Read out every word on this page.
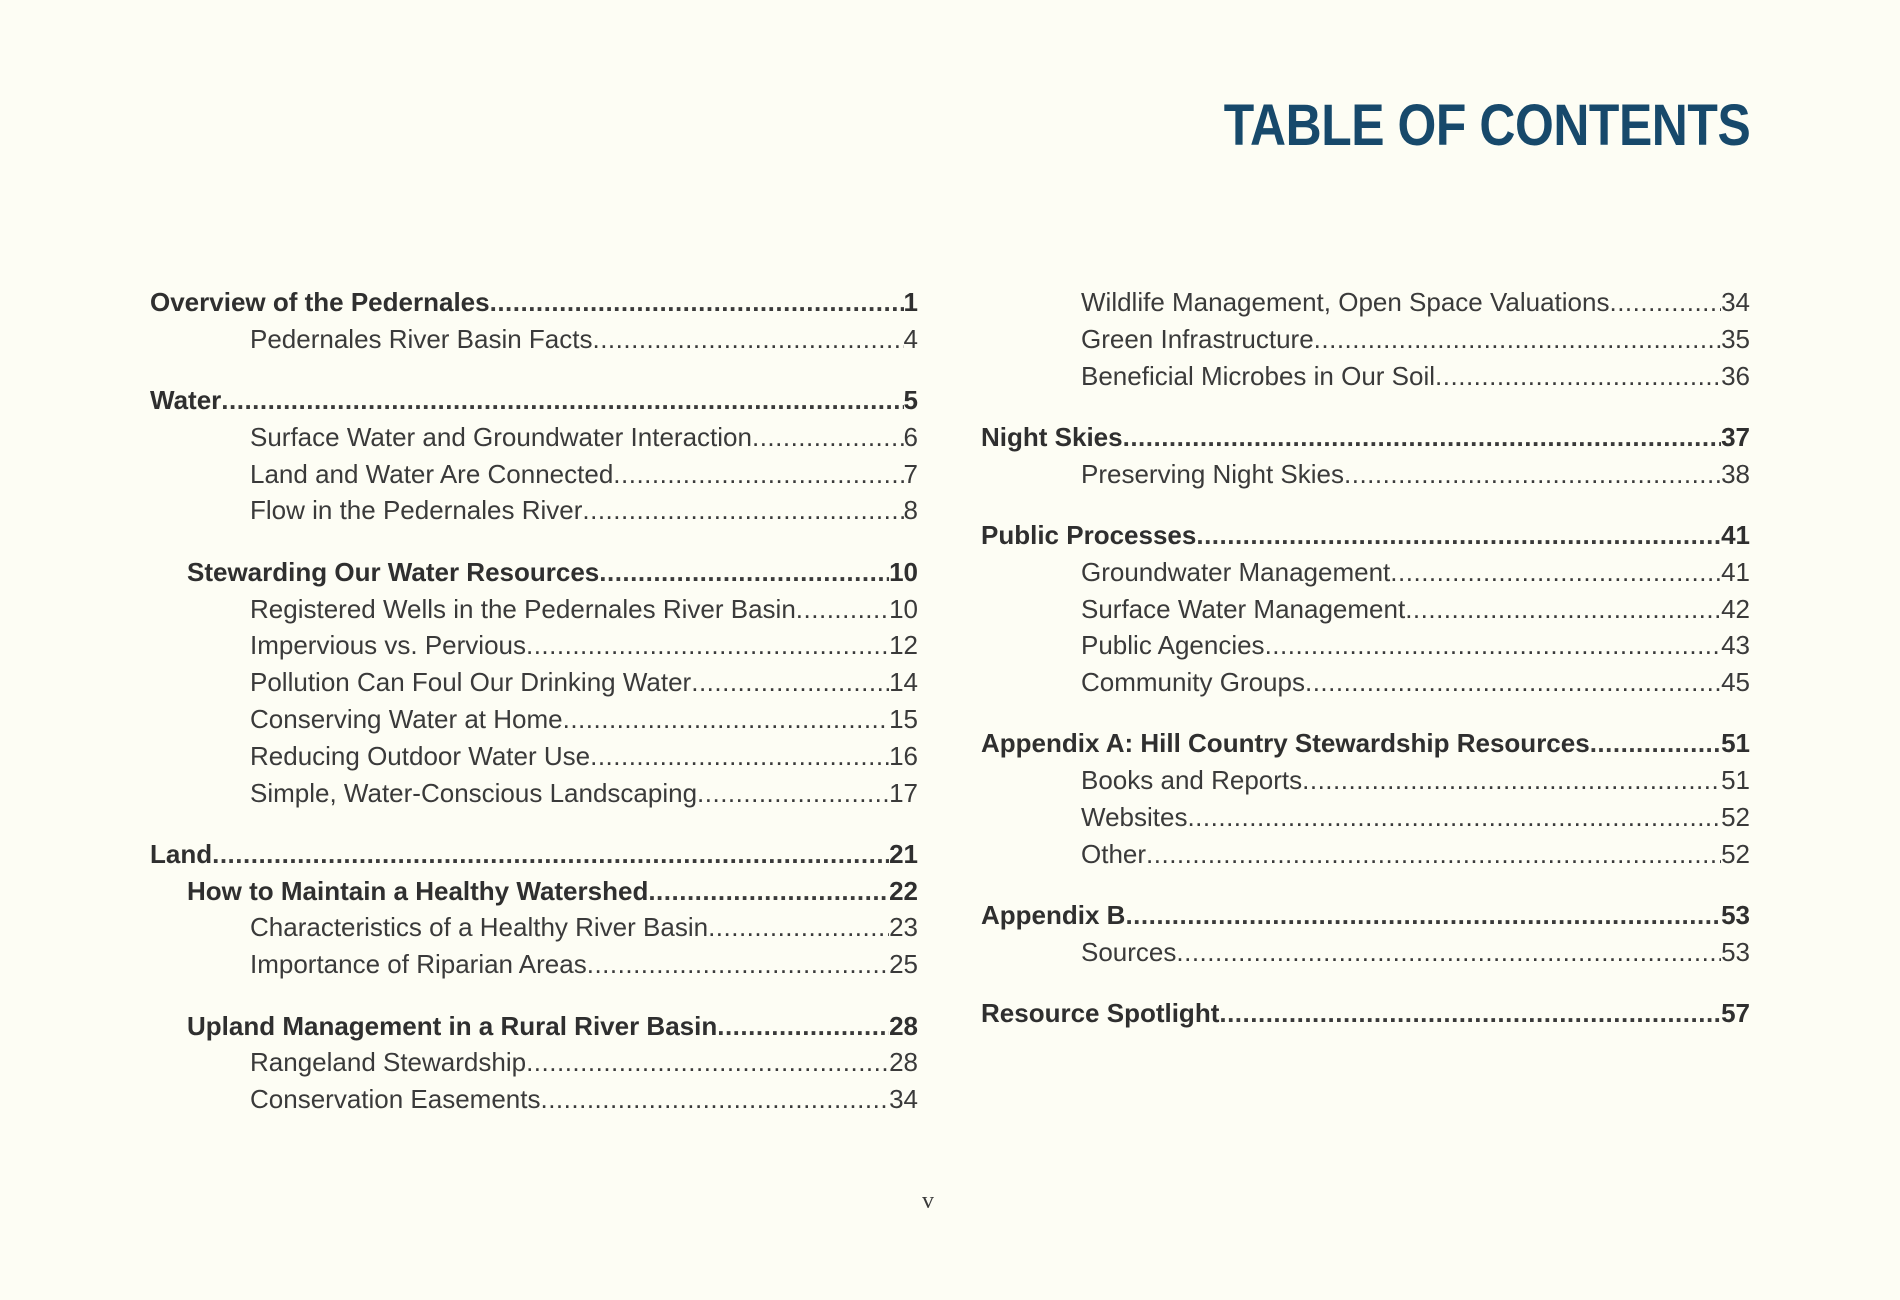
TABLE OF CONTENTS
Overview of the Pedernales .....	1
Pedernales River Basin Facts .....	4
Water .....	5
Surface Water and Groundwater Interaction .....	6
Land and Water Are Connected .....	7
Flow in the Pedernales River .....	8
Stewarding Our Water Resources .....	10
Registered Wells in the Pedernales River Basin .....	10
Impervious vs. Pervious .....	12
Pollution Can Foul Our Drinking Water .....	14
Conserving Water at Home .....	15
Reducing Outdoor Water Use .....	16
Simple, Water-Conscious Landscaping .....	17
Land .....	21
How to Maintain a Healthy Watershed .....	22
Characteristics of a Healthy River Basin .....	23
Importance of Riparian Areas .....	25
Upland Management in a Rural River Basin .....	28
Rangeland Stewardship .....	28
Conservation Easements .....	34
Wildlife Management, Open Space Valuations .....	34
Green Infrastructure .....	35
Beneficial Microbes in Our Soil .....	36
Night Skies .....	37
Preserving Night Skies .....	38
Public Processes .....	41
Groundwater Management .....	41
Surface Water Management .....	42
Public Agencies .....	43
Community Groups .....	45
Appendix A: Hill Country Stewardship Resources .....	51
Books and Reports .....	51
Websites .....	52
Other .....	52
Appendix B .....	53
Sources .....	53
Resource Spotlight .....	57
v
